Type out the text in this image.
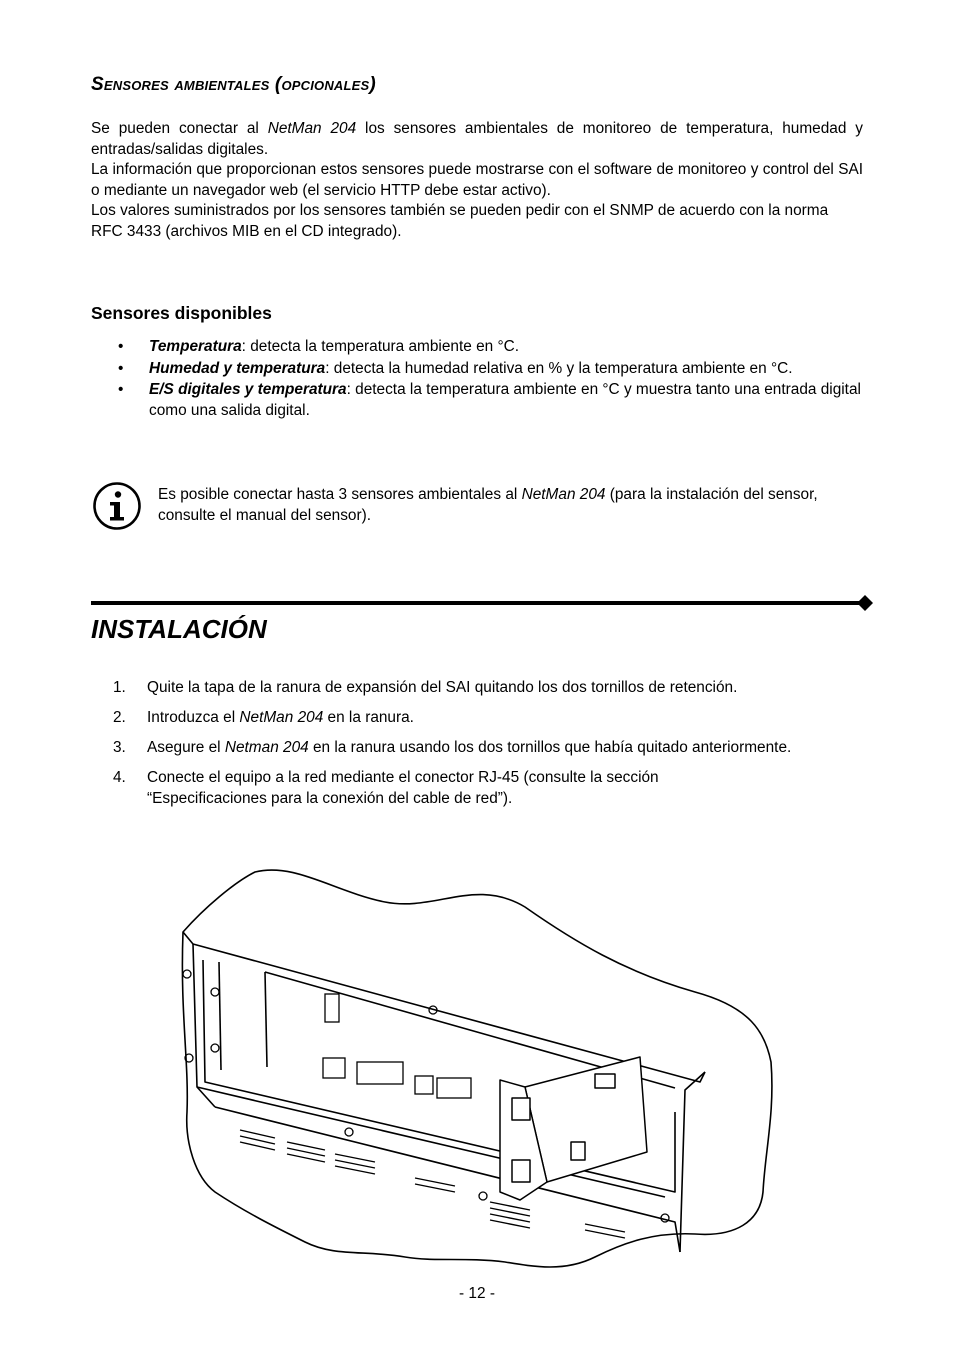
Sensores ambientales (opcionales)

Se pueden conectar al NetMan 204 los sensores ambientales de monitoreo de temperatura, humedad y entradas/salidas digitales.

La información que proporcionan estos sensores puede mostrarse con el software de monitoreo y control del SAI o mediante un navegador web (el servicio HTTP debe estar activo).

Los valores suministrados por los sensores también se pueden pedir con el SNMP de acuerdo con la norma RFC 3433 (archivos MIB en el CD integrado).

Sensores disponibles
• Temperatura: detecta la temperatura ambiente en °C.
• Humedad y temperatura: detecta la humedad relativa en % y la temperatura ambiente en °C.
• E/S digitales y temperatura: detecta la temperatura ambiente en °C y muestra tanto una entrada digital como una salida digital.

Es posible conectar hasta 3 sensores ambientales al NetMan 204 (para la instalación del sensor, consulte el manual del sensor).

INSTALACIÓN
1. Quite la tapa de la ranura de expansión del SAI quitando los dos tornillos de retención.
2. Introduzca el NetMan 204 en la ranura.
3. Asegure el Netman 204 en la ranura usando los dos tornillos que había quitado anteriormente.
4. Conecte el equipo a la red mediante el conector RJ-45 (consulte la sección “Especificaciones para la conexión del cable de red”).
- 12 -
